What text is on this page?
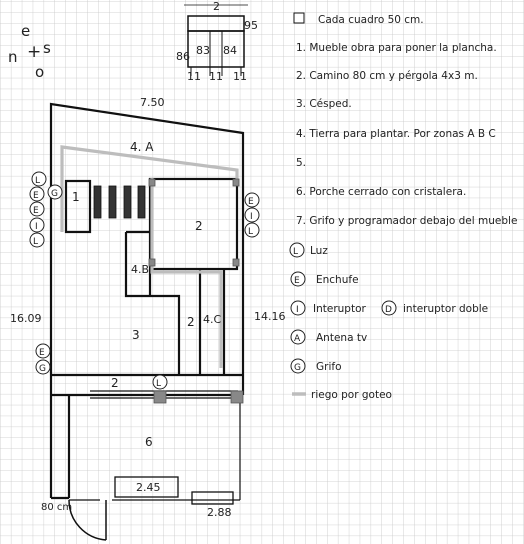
e
n + s
o
2
95
86 83 84
11 11 11
Cada cuadro 50 cm.
1. Mueble obra para poner la plancha.
2. Camino 80 cm y pérgola 4x3 m.
3. Césped.
4. Tierra para plantar. Por zonas A B C
5.
6. Porche cerrado con cristalera.
7. Grifo y programador debajo del mueble
L Luz
E Enchufe
I Interuptor D interuptor doble
A Antena tv
G Grifo
riego por goteo
4. A
1
2
4.B
3
2 4.C
2
6
7.50
16.09	14.16
80 cm
2.45
2.88
L
E G
E
I
L
E
I
L
E
G
L
